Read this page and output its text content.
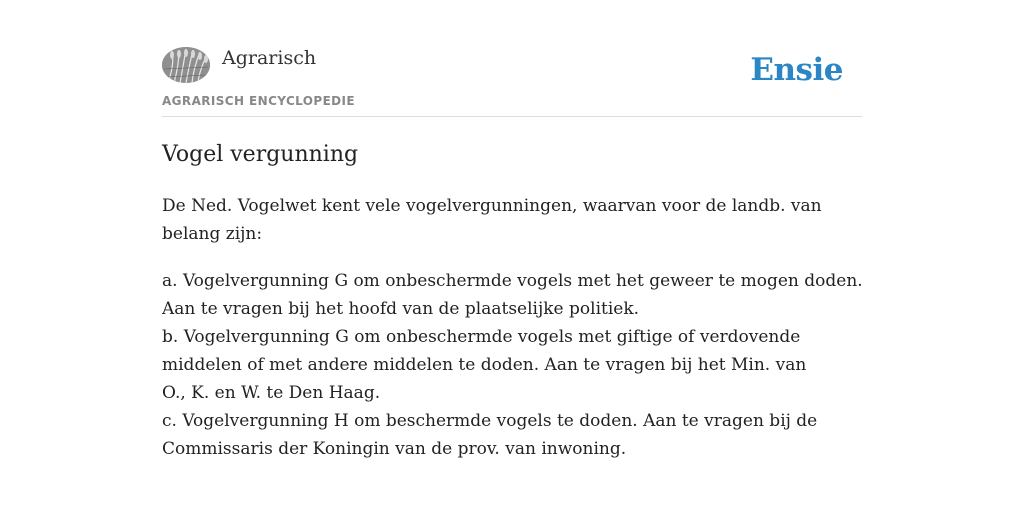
Agrarisch
AGRARISCH ENCYCLOPEDIE
Ensie
Vogel vergunning

De Ned. Vogelwet kent vele vogelvergunningen, waarvan voor de landb. van
belang zijn:

a. Vogelvergunning G om onbeschermde vogels met het geweer te mogen doden.
Aan te vragen bij het hoofd van de plaatselijke politiek.
b. Vogelvergunning G om onbeschermde vogels met giftige of verdovende
middelen of met andere middelen te doden. Aan te vragen bij het Min. van
O., K. en W. te Den Haag.
c. Vogelvergunning H om beschermde vogels te doden. Aan te vragen bij de
Commissaris der Koningin van de prov. van inwoning.
